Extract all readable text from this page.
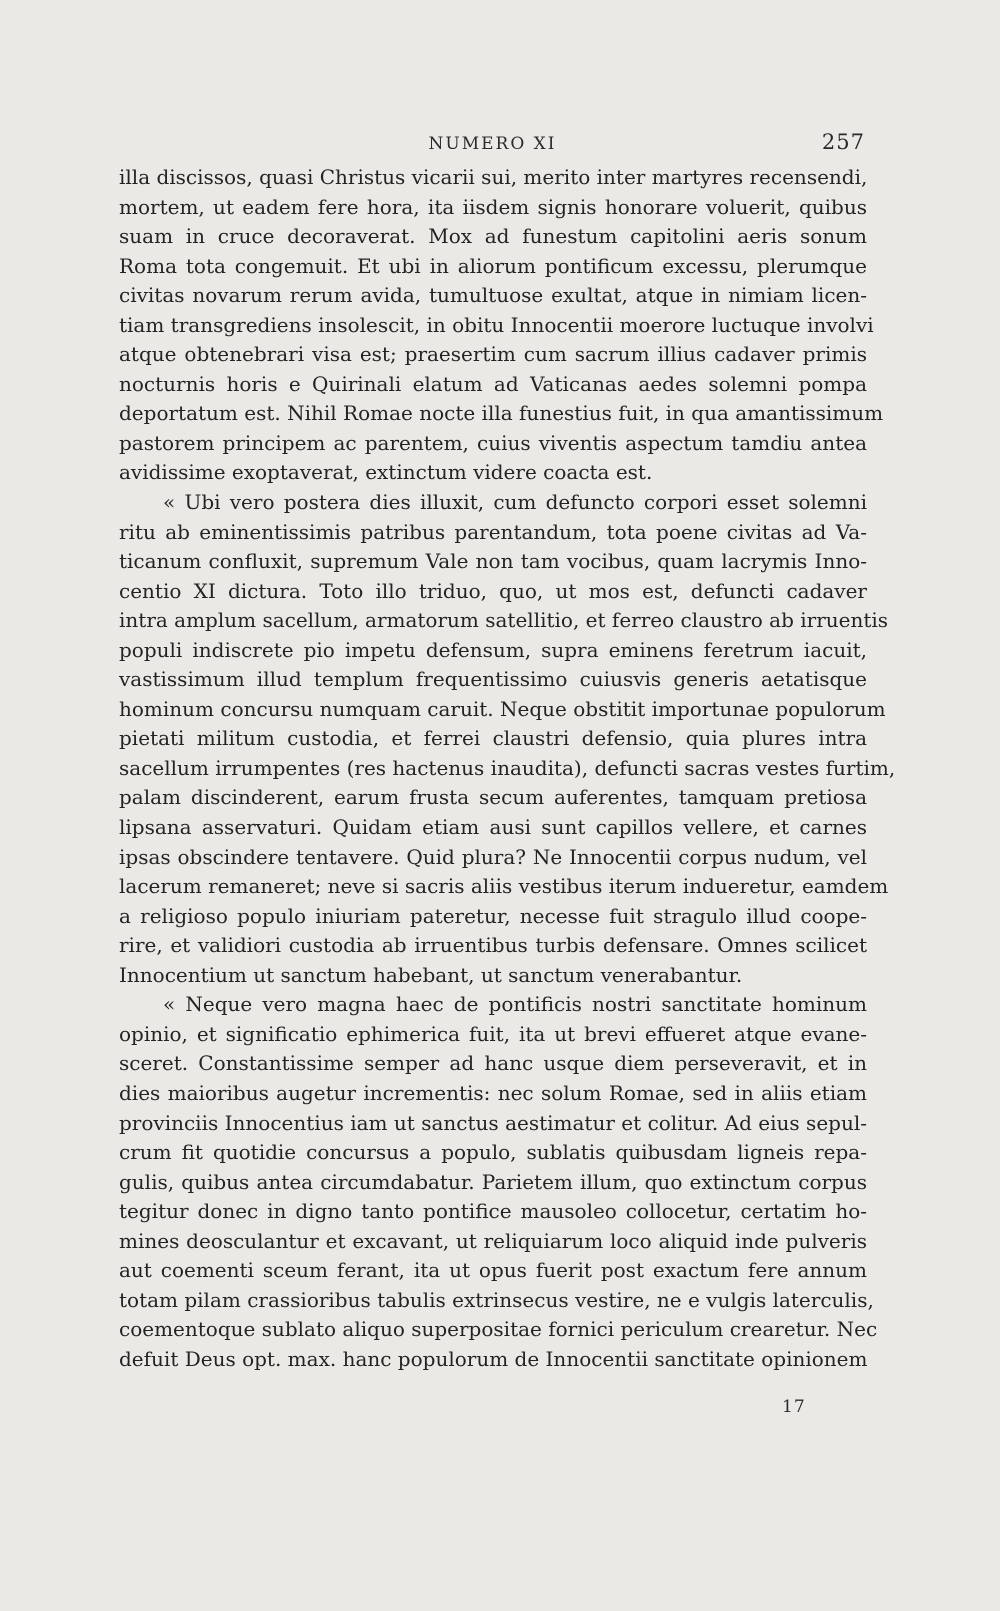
NUMERO XI	257
illa discissos, quasi Christus vicarii sui, merito inter martyres recensendi,
mortem, ut eadem fere hora, ita iisdem signis honorare voluerit, quibus
suam in cruce decoraverat. Mox ad funestum capitolini aeris sonum
Roma tota congemuit. Et ubi in aliorum pontificum excessu, plerumque
civitas novarum rerum avida, tumultuose exultat, atque in nimiam licen-
tiam transgrediens insolescit, in obitu Innocentii moerore luctuque involvi
atque obtenebrari visa est; praesertim cum sacrum illius cadaver primis
nocturnis horis e Quirinali elatum ad Vaticanas aedes solemni pompa
deportatum est. Nihil Romae nocte illa funestius fuit, in qua amantissimum
pastorem principem ac parentem, cuius viventis aspectum tamdiu antea
avidissime exoptaverat, extinctum videre coacta est.
« Ubi vero postera dies illuxit, cum defuncto corpori esset solemni
ritu ab eminentissimis patribus parentandum, tota poene civitas ad Va-
ticanum confluxit, supremum Vale non tam vocibus, quam lacrymis Inno-
centio XI dictura. Toto illo triduo, quo, ut mos est, defuncti cadaver
intra amplum sacellum, armatorum satellitio, et ferreo claustro ab irruentis
populi indiscrete pio impetu defensum, supra eminens feretrum iacuit,
vastissimum illud templum frequentissimo cuiusvis generis aetatisque
hominum concursu numquam caruit. Neque obstitit importunae populorum
pietati militum custodia, et ferrei claustri defensio, quia plures intra
sacellum irrumpentes (res hactenus inaudita), defuncti sacras vestes furtim,
palam discinderent, earum frusta secum auferentes, tamquam pretiosa
lipsana asservaturi. Quidam etiam ausi sunt capillos vellere, et carnes
ipsas obscindere tentavere. Quid plura? Ne Innocentii corpus nudum, vel
lacerum remaneret; neve si sacris aliis vestibus iterum indueretur, eamdem
a religioso populo iniuriam pateretur, necesse fuit stragulo illud coope-
rire, et validiori custodia ab irruentibus turbis defensare. Omnes scilicet
Innocentium ut sanctum habebant, ut sanctum venerabantur.
« Neque vero magna haec de pontificis nostri sanctitate hominum
opinio, et significatio ephimerica fuit, ita ut brevi effueret atque evane-
sceret. Constantissime semper ad hanc usque diem perseveravit, et in
dies maioribus augetur incrementis: nec solum Romae, sed in aliis etiam
provinciis Innocentius iam ut sanctus aestimatur et colitur. Ad eius sepul-
crum fit quotidie concursus a populo, sublatis quibusdam ligneis repa-
gulis, quibus antea circumdabatur. Parietem illum, quo extinctum corpus
tegitur donec in digno tanto pontifice mausoleo collocetur, certatim ho-
mines deosculantur et excavant, ut reliquiarum loco aliquid inde pulveris
aut coementi sceum ferant, ita ut opus fuerit post exactum fere annum
totam pilam crassioribus tabulis extrinsecus vestire, ne e vulgis laterculis,
coementoque sublato aliquo superpositae fornici periculum crearetur. Nec
defuit Deus opt. max. hanc populorum de Innocentii sanctitate opinionem
17
